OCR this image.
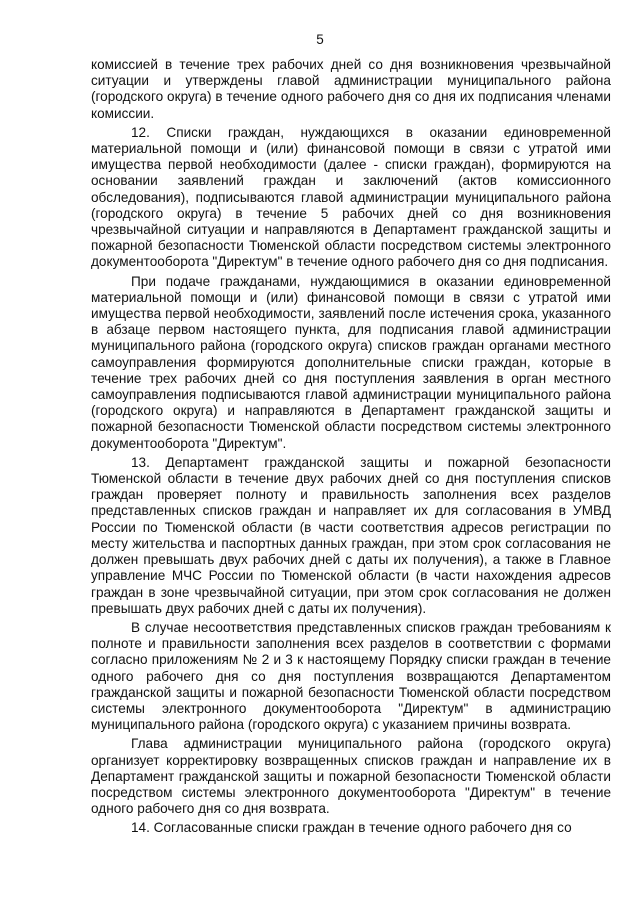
5

комиссией в течение трех рабочих дней со дня возникновения чрезвычайной ситуации и утверждены главой администрации муниципального района (городского округа) в течение одного рабочего дня со дня их подписания членами комиссии.

12. Списки граждан, нуждающихся в оказании единовременной материальной помощи и (или) финансовой помощи в связи с утратой ими имущества первой необходимости (далее - списки граждан), формируются на основании заявлений граждан и заключений (актов комиссионного обследования), подписываются главой администрации муниципального района (городского округа) в течение 5 рабочих дней со дня возникновения чрезвычайной ситуации и направляются в Департамент гражданской защиты и пожарной безопасности Тюменской области посредством системы электронного документооборота "Директум" в течение одного рабочего дня со дня подписания.

При подаче гражданами, нуждающимися в оказании единовременной материальной помощи и (или) финансовой помощи в связи с утратой ими имущества первой необходимости, заявлений после истечения срока, указанного в абзаце первом настоящего пункта, для подписания главой администрации муниципального района (городского округа) списков граждан органами местного самоуправления формируются дополнительные списки граждан, которые в течение трех рабочих дней со дня поступления заявления в орган местного самоуправления подписываются главой администрации муниципального района (городского округа) и направляются в Департамент гражданской защиты и пожарной безопасности Тюменской области посредством системы электронного документооборота "Директум".

13. Департамент гражданской защиты и пожарной безопасности Тюменской области в течение двух рабочих дней со дня поступления списков граждан проверяет полноту и правильность заполнения всех разделов представленных списков граждан и направляет их для согласования в УМВД России по Тюменской области (в части соответствия адресов регистрации по месту жительства и паспортных данных граждан, при этом срок согласования не должен превышать двух рабочих дней с даты их получения), а также в Главное управление МЧС России по Тюменской области (в части нахождения адресов граждан в зоне чрезвычайной ситуации, при этом срок согласования не должен превышать двух рабочих дней с даты их получения).

В случае несоответствия представленных списков граждан требованиям к полноте и правильности заполнения всех разделов в соответствии с формами согласно приложениям № 2 и 3 к настоящему Порядку списки граждан в течение одного рабочего дня со дня поступления возвращаются Департаментом гражданской защиты и пожарной безопасности Тюменской области посредством системы электронного документооборота "Директум" в администрацию муниципального района (городского округа) с указанием причины возврата.

Глава администрации муниципального района (городского округа) организует корректировку возвращенных списков граждан и направление их в Департамент гражданской защиты и пожарной безопасности Тюменской области посредством системы электронного документооборота "Директум" в течение одного рабочего дня со дня возврата.

14. Согласованные списки граждан в течение одного рабочего дня со
